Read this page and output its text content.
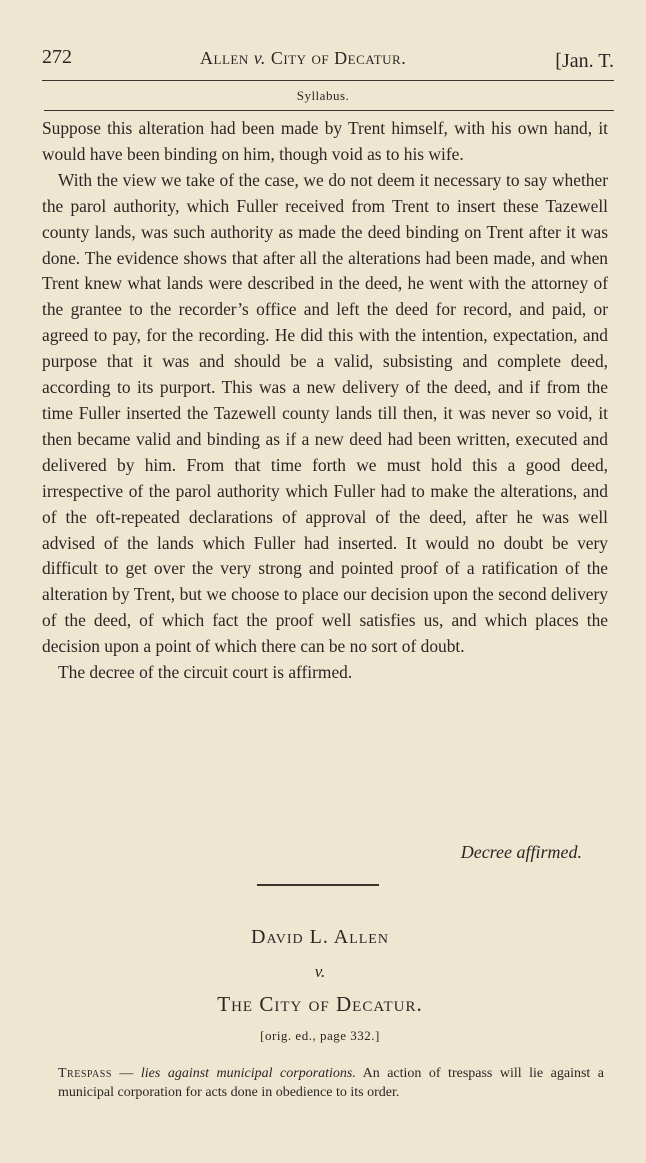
272	Allen v. City of Decatur.	[Jan. T.
Syllabus.

Suppose this alteration had been made by Trent himself, with his own hand, it would have been binding on him, though void as to his wife.

With the view we take of the case, we do not deem it necessary to say whether the parol authority, which Fuller received from Trent to insert these Tazewell county lands, was such authority as made the deed binding on Trent after it was done. The evidence shows that after all the alterations had been made, and when Trent knew what lands were described in the deed, he went with the attorney of the grantee to the recorder’s office and left the deed for record, and paid, or agreed to pay, for the recording. He did this with the intention, expectation, and purpose that it was and should be a valid, subsisting and complete deed, according to its purport. This was a new delivery of the deed, and if from the time Fuller inserted the Tazewell county lands till then, it was never so void, it then became valid and binding as if a new deed had been written, executed and delivered by him. From that time forth we must hold this a good deed, irrespective of the parol authority which Fuller had to make the alterations, and of the oft-repeated declarations of approval of the deed, after he was well advised of the lands which Fuller had inserted. It would no doubt be very difficult to get over the very strong and pointed proof of a ratification of the alteration by Trent, but we choose to place our decision upon the second delivery of the deed, of which fact the proof well satisfies us, and which places the decision upon a point of which there can be no sort of doubt.

The decree of the circuit court is affirmed.

Decree affirmed.
David L. Allen
v.
The City of Decatur.
[orig. ed., page 332.]
Trespass — lies against municipal corporations. An action of trespass will lie against a municipal corporation for acts done in obedience to its order.
